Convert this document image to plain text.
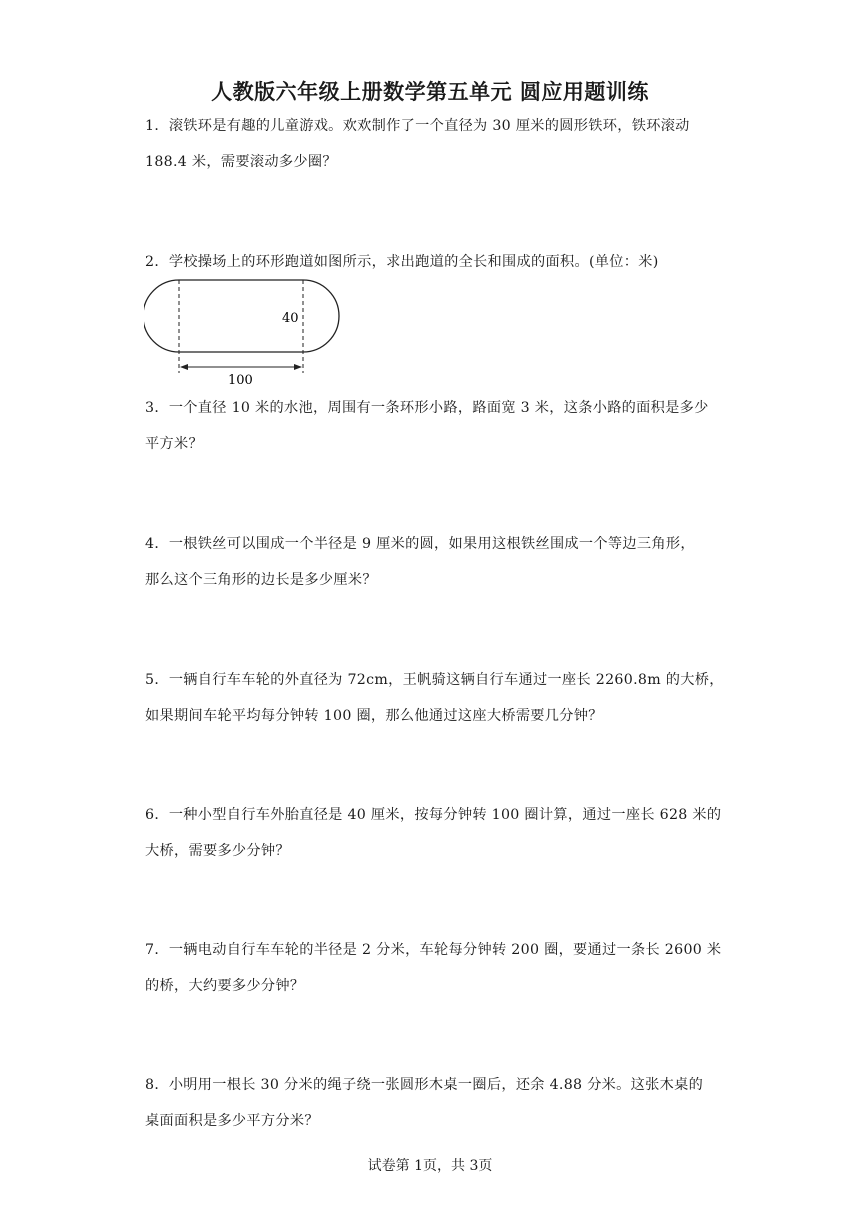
人教版六年级上册数学第五单元 圆应用题训练
1．滚铁环是有趣的儿童游戏。欢欢制作了一个直径为 30 厘米的圆形铁环，铁环滚动
188.4 米，需要滚动多少圈？
2．学校操场上的环形跑道如图所示，求出跑道的全长和围成的面积。(单位：米)
40
100
3．一个直径 10 米的水池，周围有一条环形小路，路面宽 3 米，这条小路的面积是多少
平方米？
4．一根铁丝可以围成一个半径是 9 厘米的圆，如果用这根铁丝围成一个等边三角形，
那么这个三角形的边长是多少厘米？
5．一辆自行车车轮的外直径为 72cm，王帆骑这辆自行车通过一座长 2260.8m 的大桥，
如果期间车轮平均每分钟转 100 圈，那么他通过这座大桥需要几分钟？
6．一种小型自行车外胎直径是 40 厘米，按每分钟转 100 圈计算，通过一座长 628 米的
大桥，需要多少分钟？
7．一辆电动自行车车轮的半径是 2 分米，车轮每分钟转 200 圈，要通过一条长 2600 米
的桥，大约要多少分钟？
8．小明用一根长 30 分米的绳子绕一张圆形木桌一圈后，还余 4.88 分米。这张木桌的
桌面面积是多少平方分米？
试卷第 1页，共 3页
